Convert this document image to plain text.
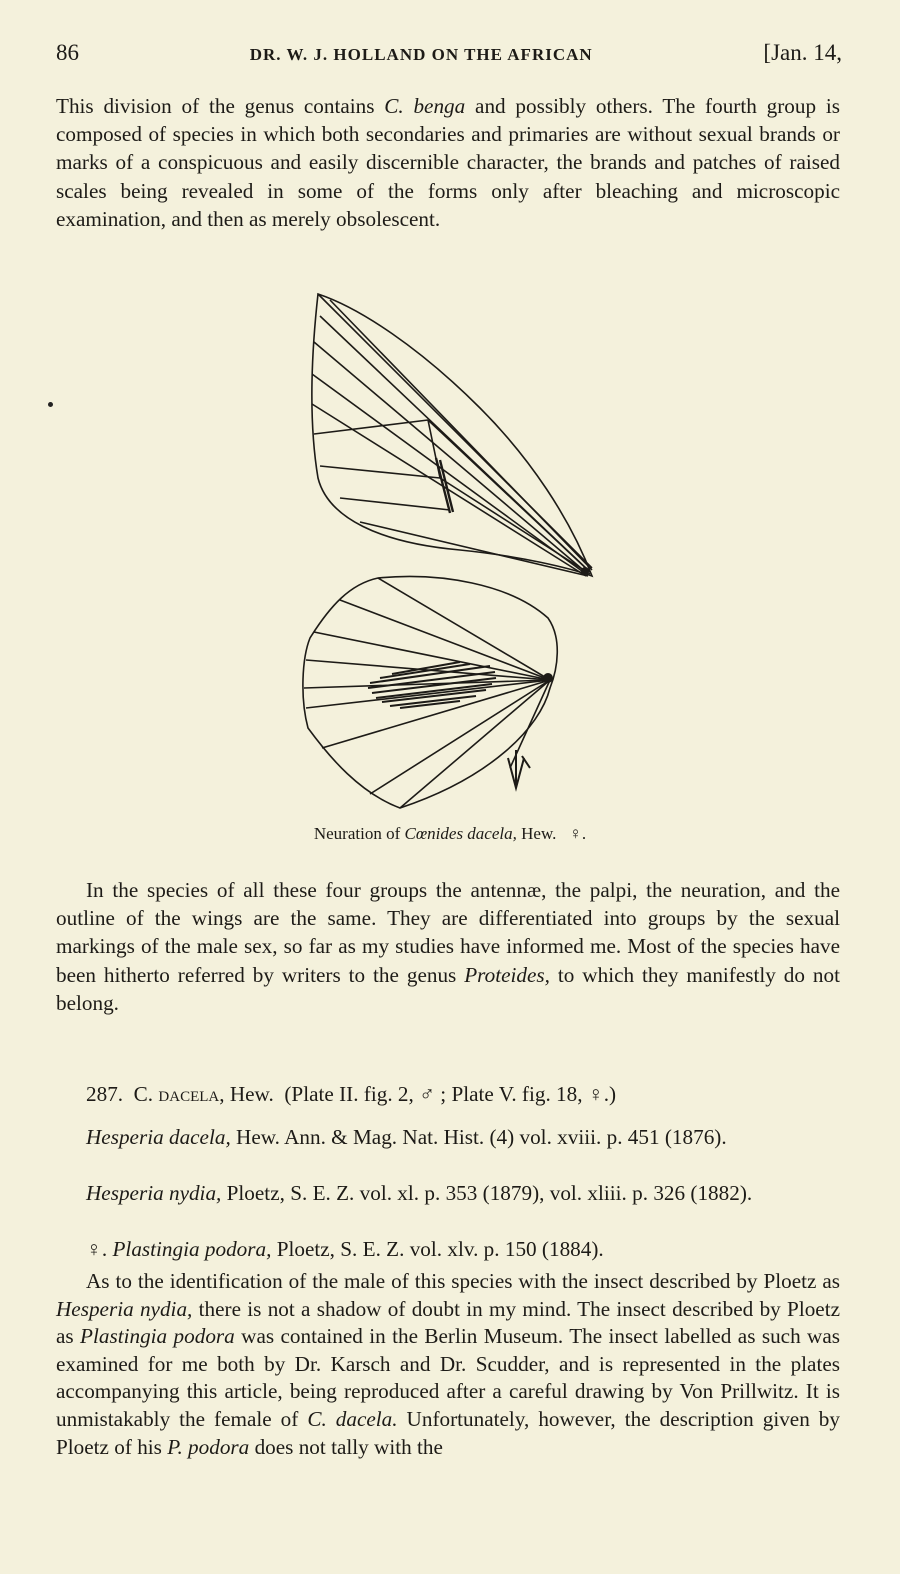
86	DR. W. J. HOLLAND ON THE AFRICAN	[Jan. 14,

This division of the genus contains C. benga and possibly others. The fourth group is composed of species in which both secondaries and primaries are without sexual brands or marks of a conspicuous and easily discernible character, the brands and patches of raised scales being revealed in some of the forms only after bleaching and microscopic examination, and then as merely obsolescent.

Neuration of Cœnides dacela, Hew. ♀.

In the species of all these four groups the antennæ, the palpi, the neuration, and the outline of the wings are the same. They are differentiated into groups by the sexual markings of the male sex, so far as my studies have informed me. Most of the species have been hitherto referred by writers to the genus Proteides, to which they manifestly do not belong.

287. C. dacela, Hew. (Plate II. fig. 2, ♂ ; Plate V. fig. 18, ♀.)

Hesperia dacela, Hew. Ann. & Mag. Nat. Hist. (4) vol. xviii. p. 451 (1876).

Hesperia nydia, Ploetz, S. E. Z. vol. xl. p. 353 (1879), vol. xliii. p. 326 (1882).

♀. Plastingia podora, Ploetz, S. E. Z. vol. xlv. p. 150 (1884).

As to the identification of the male of this species with the insect described by Ploetz as Hesperia nydia, there is not a shadow of doubt in my mind. The insect described by Ploetz as Plastingia podora was contained in the Berlin Museum. The insect labelled as such was examined for me both by Dr. Karsch and Dr. Scudder, and is represented in the plates accompanying this article, being reproduced after a careful drawing by Von Prillwitz. It is unmistakably the female of C. dacela. Unfortunately, however, the description given by Ploetz of his P. podora does not tally with the
